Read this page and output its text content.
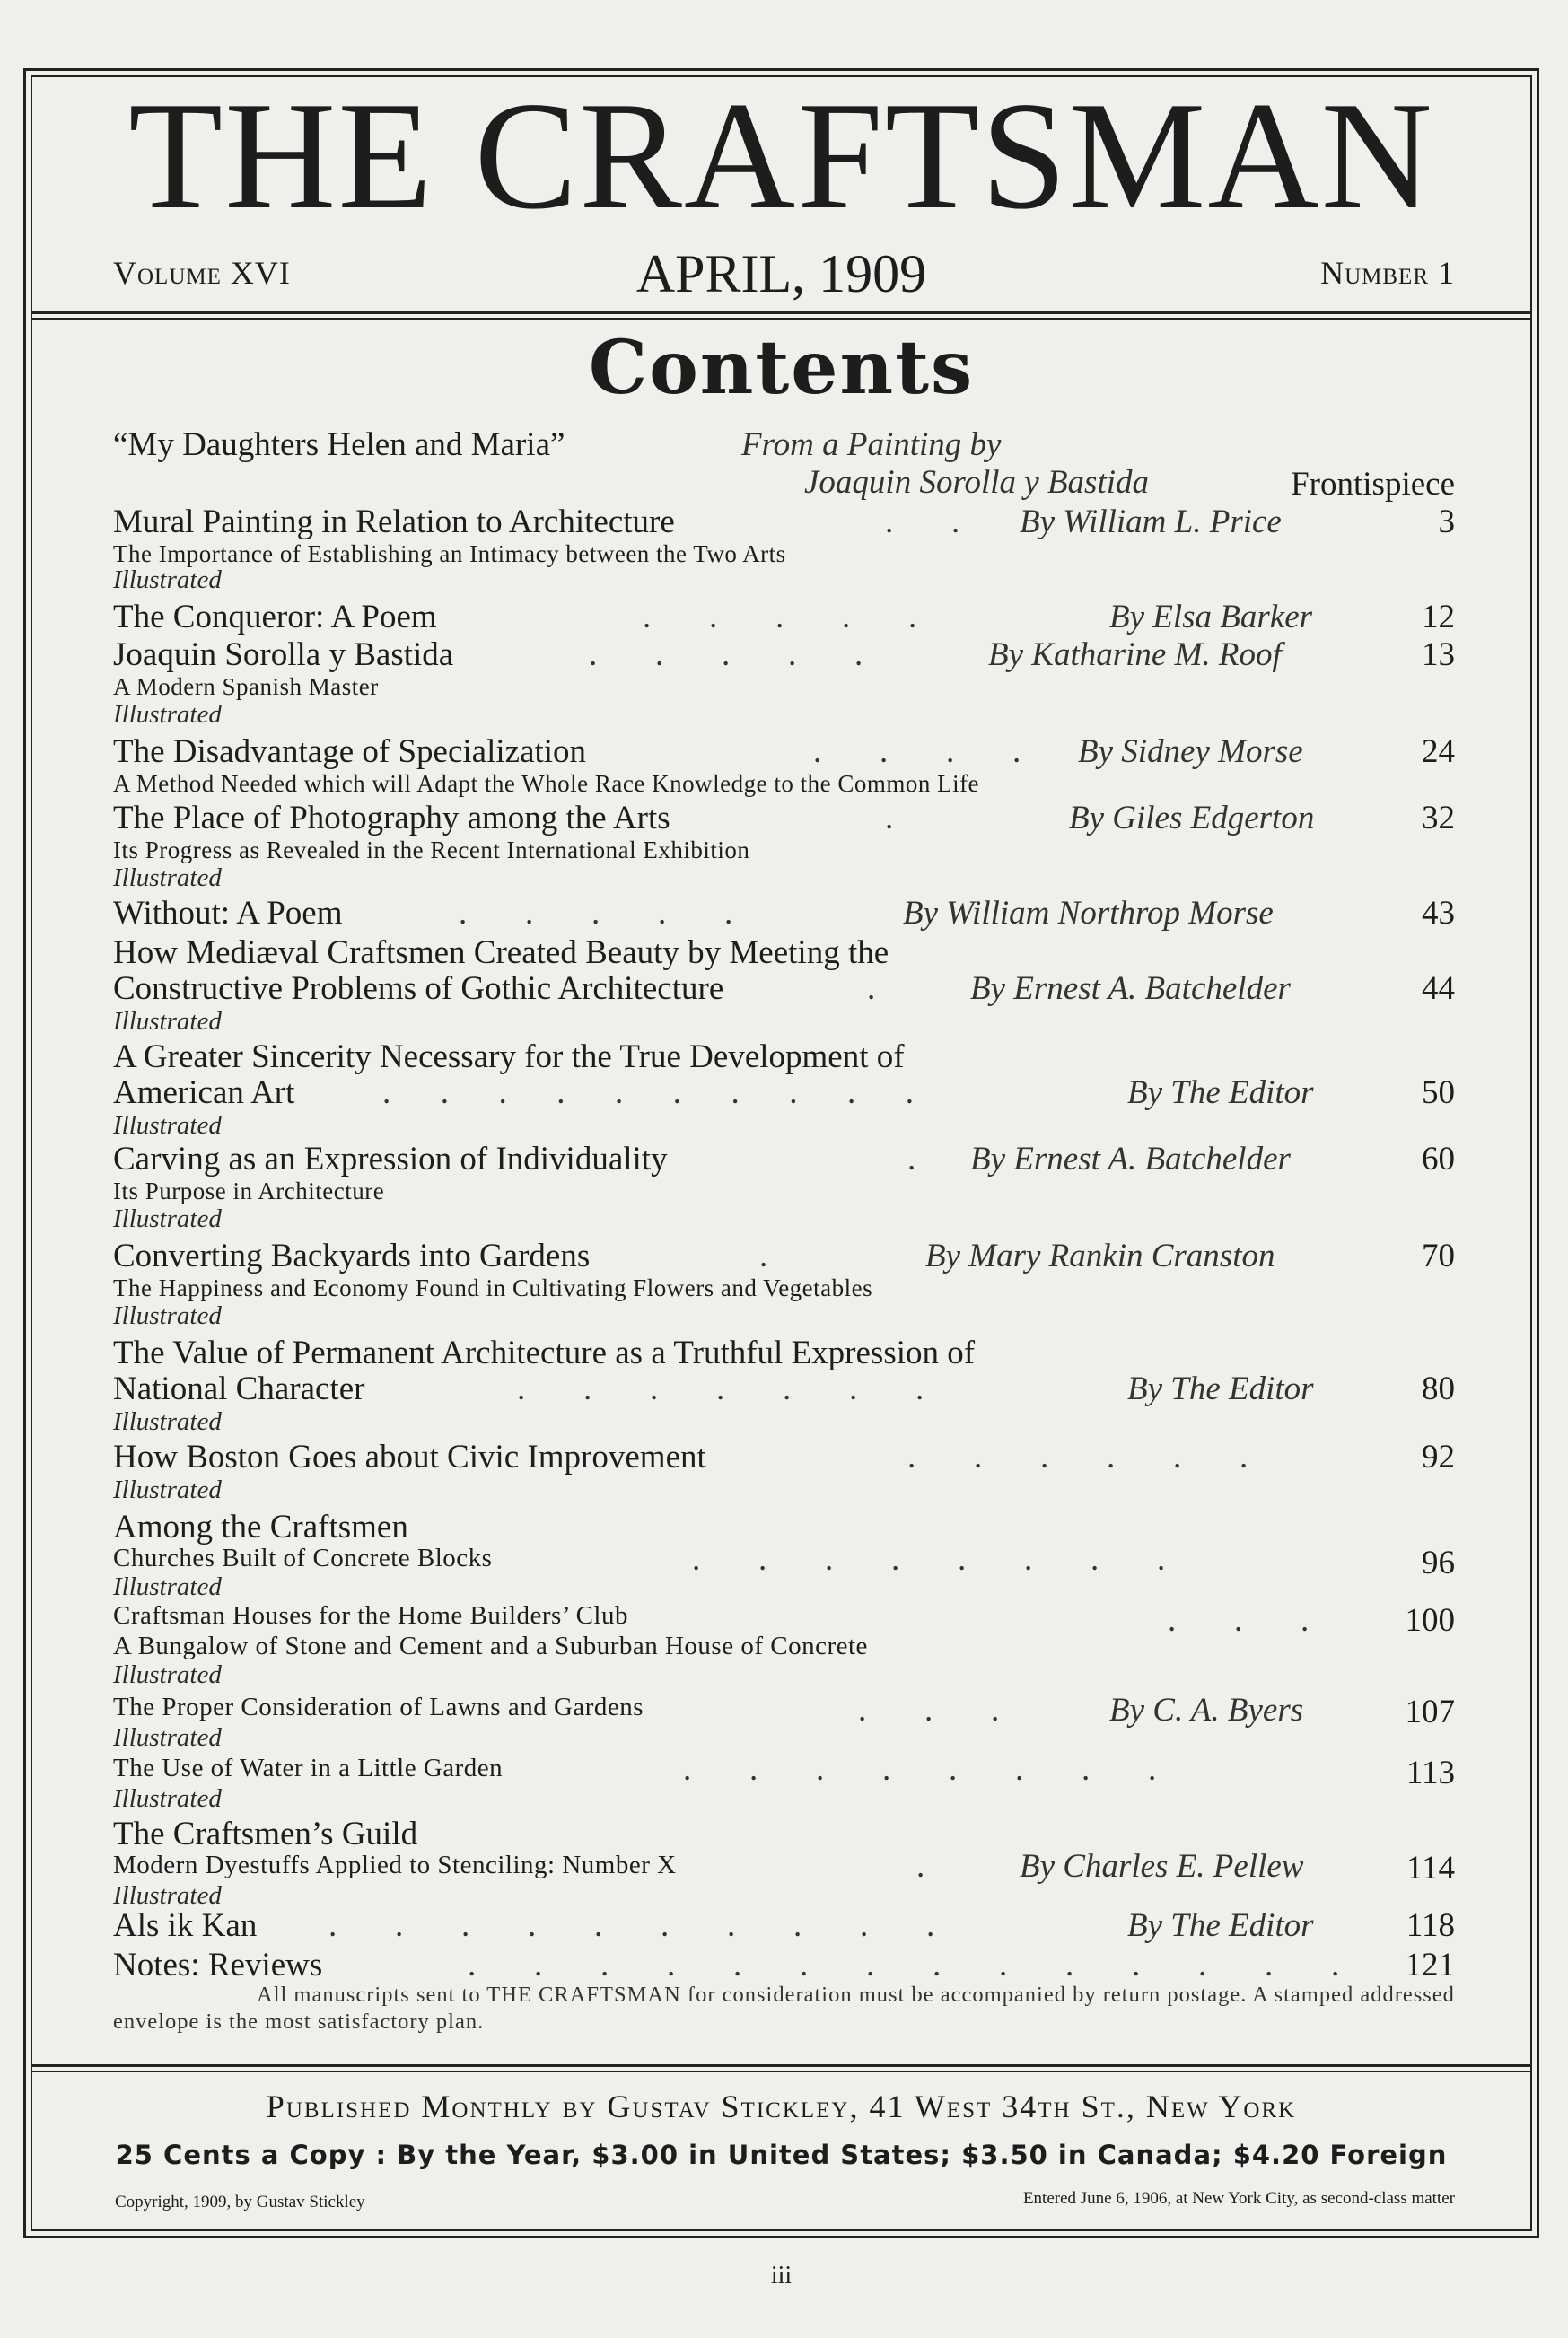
THE CRAFTSMAN
Volume XVI	APRIL, 1909	Number 1
Contents
“My Daughters Helen and Maria”	From a Painting by
Joaquin Sorolla y Bastida	Frontispiece
Mural Painting in Relation to Architecture	.       . By William L. Price	3
The Importance of Establishing an Intimacy between the Two Arts
Illustrated
The Conqueror: A Poem	.       .       .       .       .	By Elsa Barker	12
Joaquin Sorolla y Bastida	.       .       .       .       .	By Katharine M. Roof	13
A Modern Spanish Master
Illustrated
The Disadvantage of Specialization	.       .       .       . By Sidney Morse	24
A Method Needed which will Adapt the Whole Race Knowledge to the Common Life
The Place of Photography among the Arts	.	By Giles Edgerton	32
Its Progress as Revealed in the Recent International Exhibition
Illustrated
Without: A Poem	.       .       .       .       .	By William Northrop Morse	43
How Mediæval Craftsmen Created Beauty by Meeting the
Constructive Problems of Gothic Architecture	.	By Ernest A. Batchelder	44
Illustrated
A Greater Sincerity Necessary for the True Development of
American Art	.      .      .      .      .      .      .      .      .      .	By The Editor	50
Illustrated
Carving as an Expression of Individuality	. By Ernest A. Batchelder	60
Its Purpose in Architecture
Illustrated
Converting Backyards into Gardens	.	By Mary Rankin Cranston	70
The Happiness and Economy Found in Cultivating Flowers and Vegetables
Illustrated
The Value of Permanent Architecture as a Truthful Expression of
National Character	.       .       .       .       .       .       .	By The Editor	80
Illustrated
How Boston Goes about Civic Improvement	.       .       .       .       .       .	92
Illustrated
Among the Craftsmen
Churches Built of Concrete Blocks	.       .       .       .       .       .       .       .	96
Illustrated
Craftsman Houses for the Home Builders’ Club	.       .       .	100
A Bungalow of Stone and Cement and a Suburban House of Concrete
Illustrated
The Proper Consideration of Lawns and Gardens	.       .       .	By C. A. Byers	107
Illustrated
The Use of Water in a Little Garden	.       .       .       .       .       .       .       .	113
Illustrated
The Craftsmen’s Guild
Modern Dyestuffs Applied to Stenciling: Number X	.	By Charles E. Pellew	114
Illustrated
Als ik Kan .       .       .       .       .       .       .       .       .       .	By The Editor	118
Notes: Reviews	.       .       .       .       .       .       .       .       .       .       .       .       .       . 121
All manuscripts sent to THE CRAFTSMAN for consideration must be accompanied by return postage. A stamped addressed envelope is the most satisfactory plan.
Published Monthly by Gustav Stickley, 41 West 34th St., New York
25 Cents a Copy : By the Year, $3.00 in United States; $3.50 in Canada; $4.20 Foreign
Copyright, 1909, by Gustav Stickley	Entered June 6, 1906, at New York City, as second-class matter
iii
